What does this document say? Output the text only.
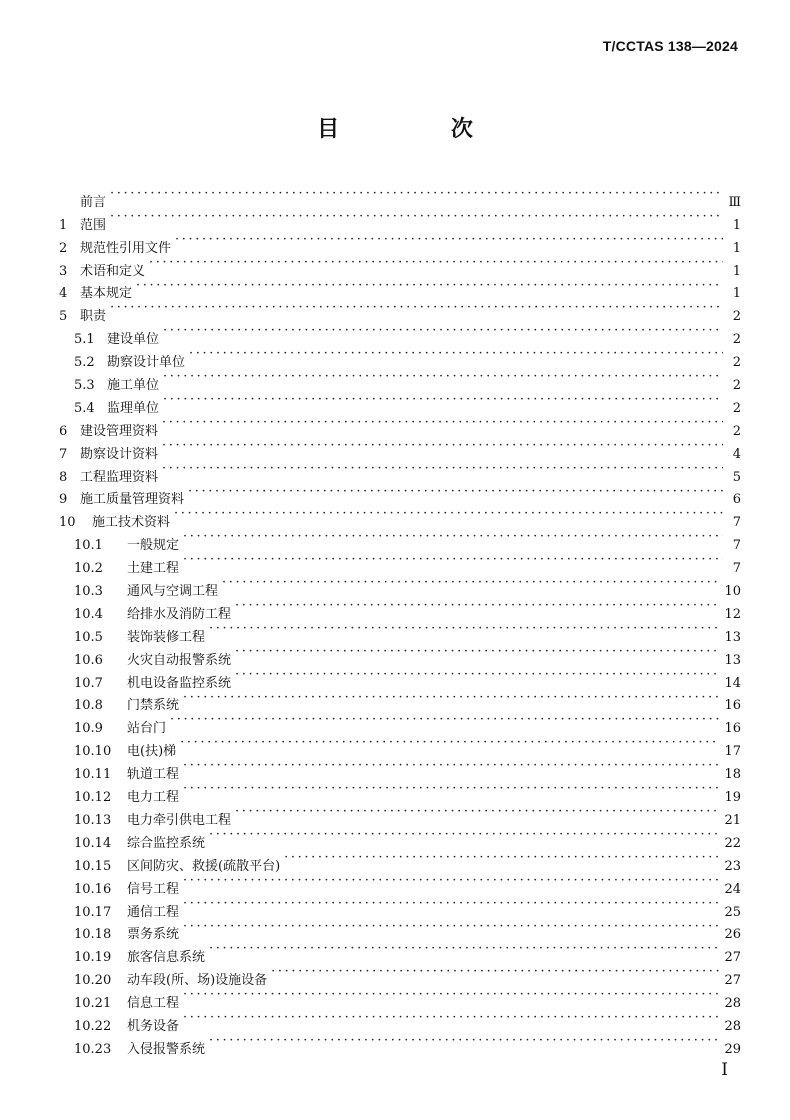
T/CCTAS 138—2024
目 次
前言 ·····	Ⅲ
1 范围 ·····	1
2 规范性引用文件 ·····	1
3 术语和定义 ·····	1
4 基本规定 ·····	1
5 职责 ·····	2
5.1 建设单位 ·····	2
5.2 勘察设计单位 ·····	2
5.3 施工单位 ·····	2
5.4 监理单位 ·····	2
6 建设管理资料 ·····	2
7 勘察设计资料 ·····	4
8 工程监理资料 ·····	5
9 施工质量管理资料 ·····	6
10	施工技术资料 ·····	7
10.1	一般规定 ·····	7
10.2	土建工程 ·····	7
10.3	通风与空调工程 ·····	10
10.4	给排水及消防工程 ·····	12
10.5	装饰装修工程 ·····	13
10.6	火灾自动报警系统 ·····	13
10.7	机电设备监控系统 ·····	14
10.8	门禁系统 ·····	16
10.9	站台门 ·····	16
10.10	电(扶)梯 ·····	17
10.11	轨道工程 ·····	18
10.12	电力工程 ·····	19
10.13	电力牵引供电工程 ·····	21
10.14	综合监控系统 ·····	22
10.15	区间防灾、救援(疏散平台) ·····	23
10.16	信号工程 ·····	24
10.17	通信工程 ·····	25
10.18	票务系统 ·····	26
10.19	旅客信息系统 ·····	27
10.20	动车段(所、场)设施设备 ·····	27
10.21	信息工程 ·····	28
10.22	机务设备 ·····	28
10.23	入侵报警系统 ·····	29
I
